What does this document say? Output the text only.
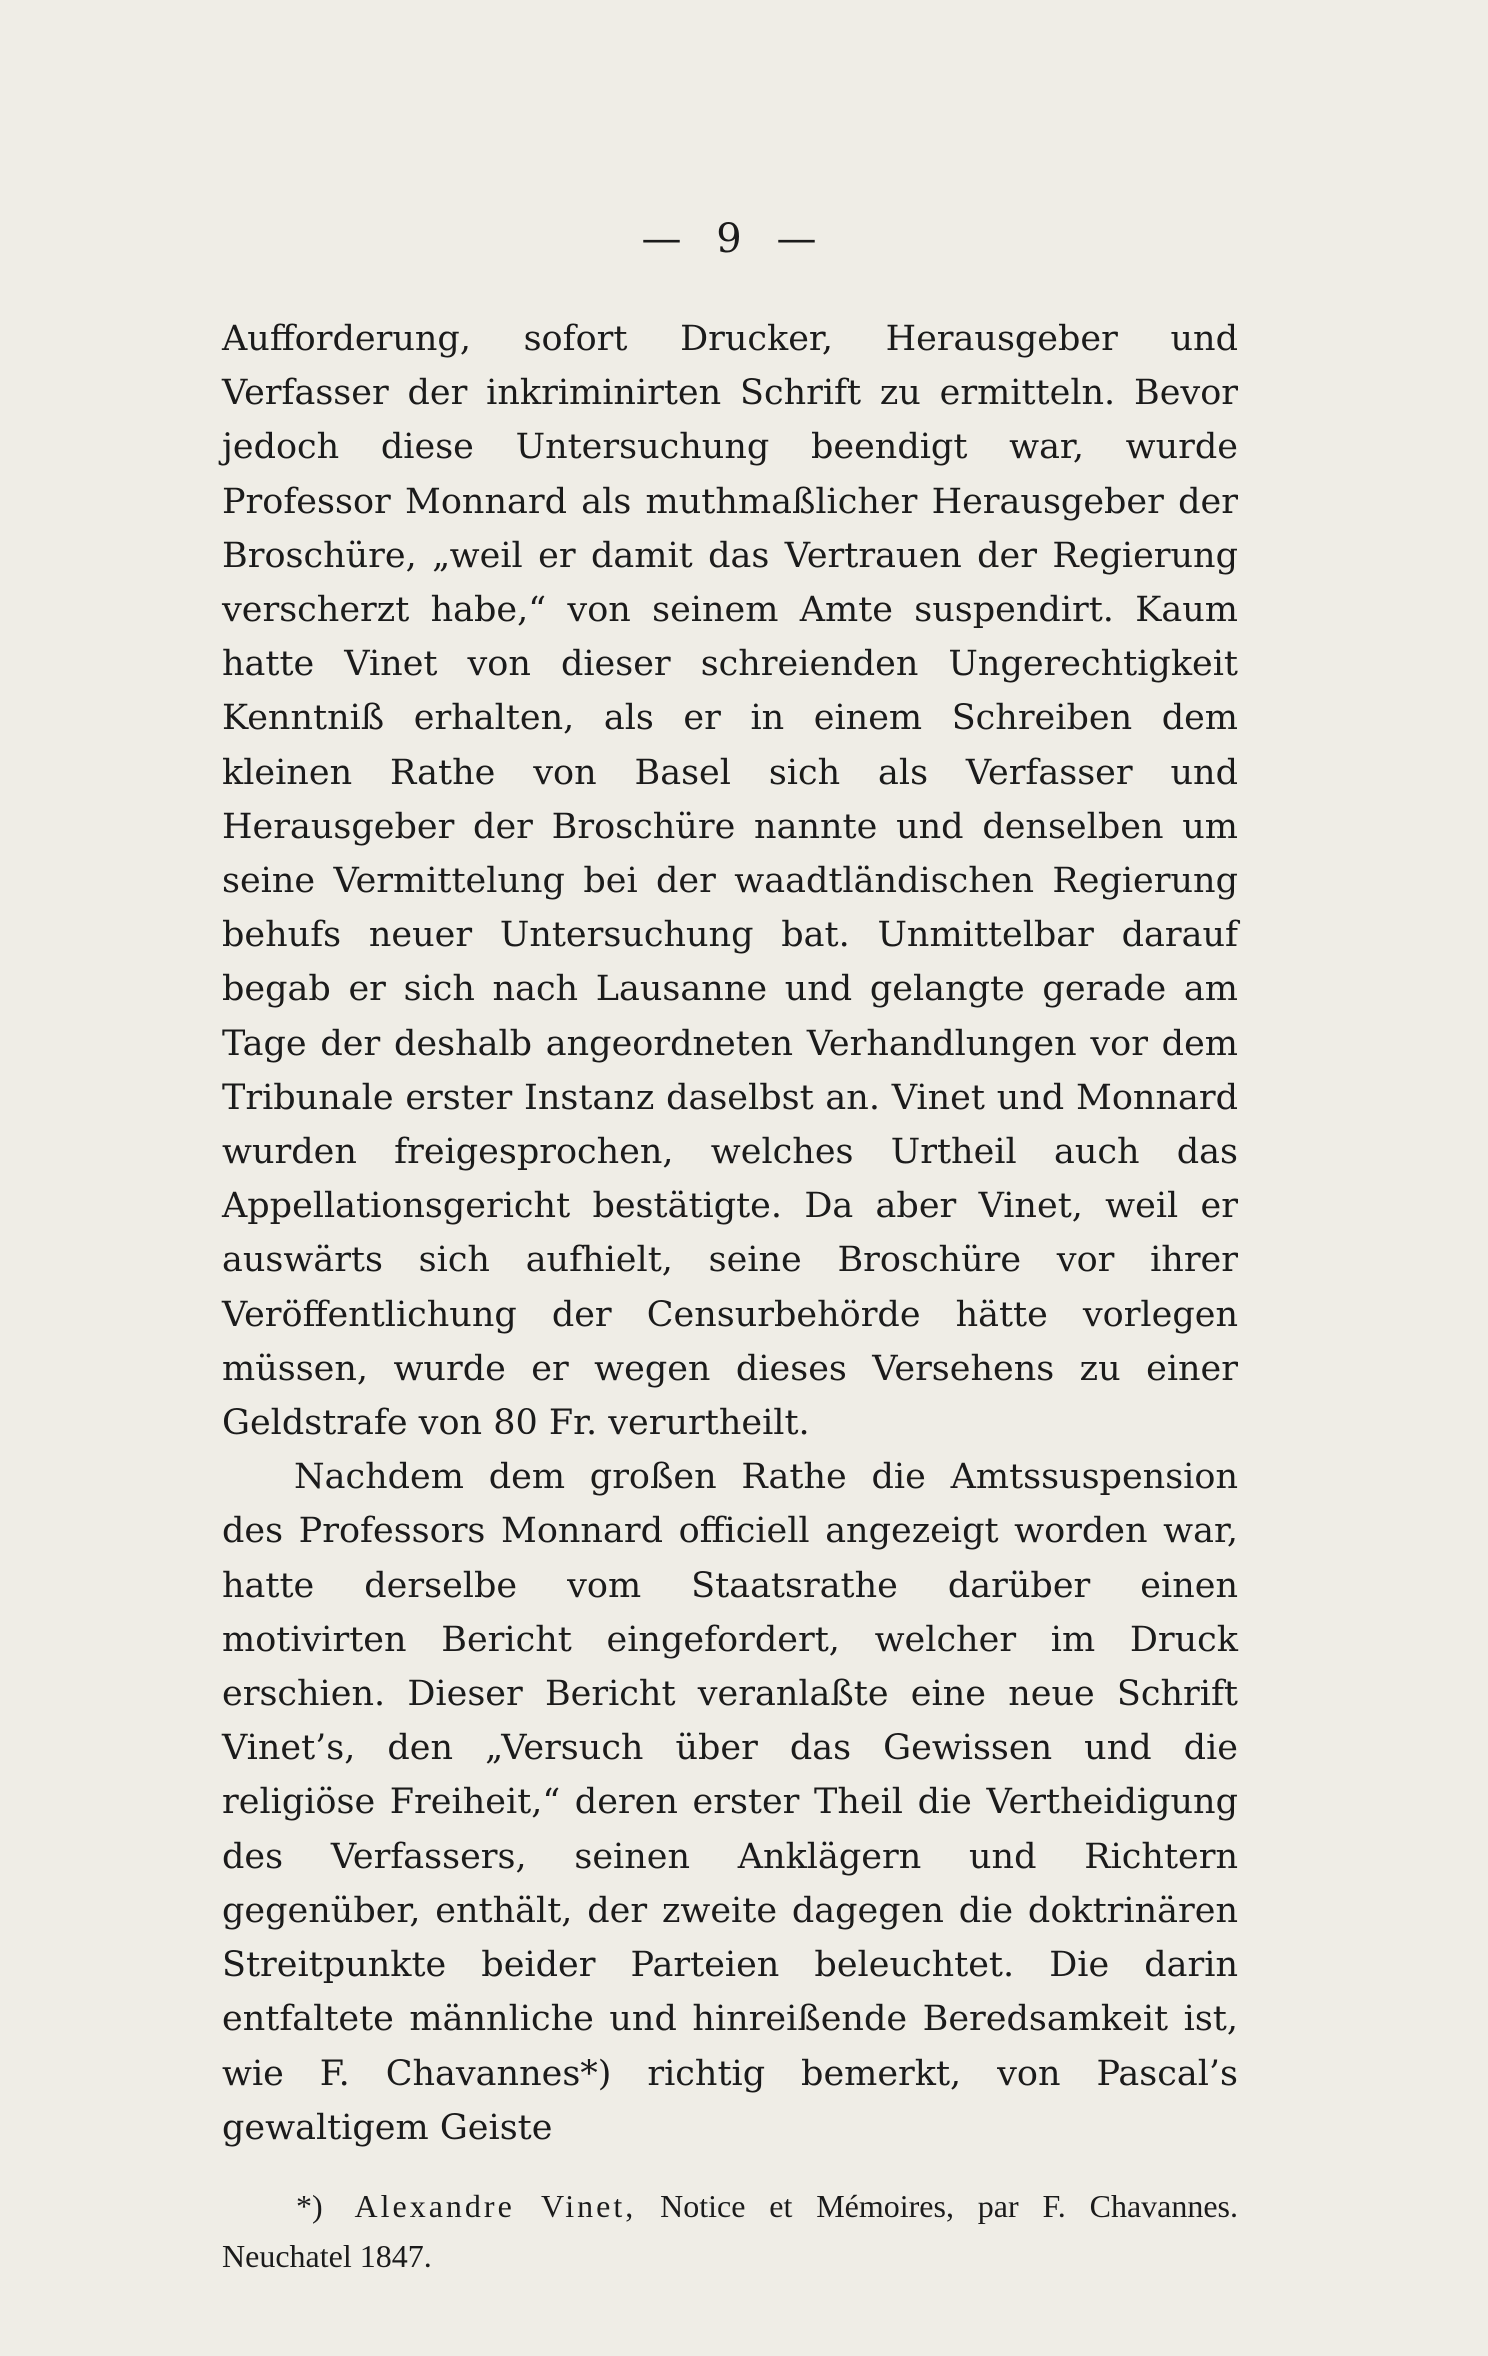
— 9 —

Aufforderung, sofort Drucker, Herausgeber und Verfasser der inkriminirten Schrift zu ermitteln. Bevor jedoch diese Untersuchung beendigt war, wurde Professor Monnard als muthmaßlicher Herausgeber der Broschüre, „weil er damit das Vertrauen der Regierung verscherzt habe,“ von seinem Amte suspendirt. Kaum hatte Vinet von dieser schreienden Ungerechtigkeit Kenntniß erhalten, als er in einem Schreiben dem kleinen Rathe von Basel sich als Verfasser und Herausgeber der Broschüre nannte und denselben um seine Vermittelung bei der waadtländischen Regierung behufs neuer Untersuchung bat. Unmittelbar darauf begab er sich nach Lausanne und gelangte gerade am Tage der deshalb angeordneten Verhandlungen vor dem Tribunale erster Instanz daselbst an. Vinet und Monnard wurden freigesprochen, welches Urtheil auch das Appellationsgericht bestätigte. Da aber Vinet, weil er auswärts sich aufhielt, seine Broschüre vor ihrer Veröffentlichung der Censurbehörde hätte vorlegen müssen, wurde er wegen dieses Versehens zu einer Geldstrafe von 80 Fr. verurtheilt.

Nachdem dem großen Rathe die Amtssuspension des Professors Monnard officiell angezeigt worden war, hatte derselbe vom Staatsrathe darüber einen motivirten Bericht eingefordert, welcher im Druck erschien. Dieser Bericht veranlaßte eine neue Schrift Vinet’s, den „Versuch über das Gewissen und die religiöse Freiheit,“ deren erster Theil die Vertheidigung des Verfassers, seinen Anklägern und Richtern gegenüber, enthält, der zweite dagegen die doktrinären Streitpunkte beider Parteien beleuchtet. Die darin entfaltete männliche und hinreißende Beredsamkeit ist, wie F. Chavannes*) richtig bemerkt, von Pascal’s gewaltigem Geiste

*) Alexandre Vinet, Notice et Mémoires, par F. Chavannes. Neuchatel 1847.
